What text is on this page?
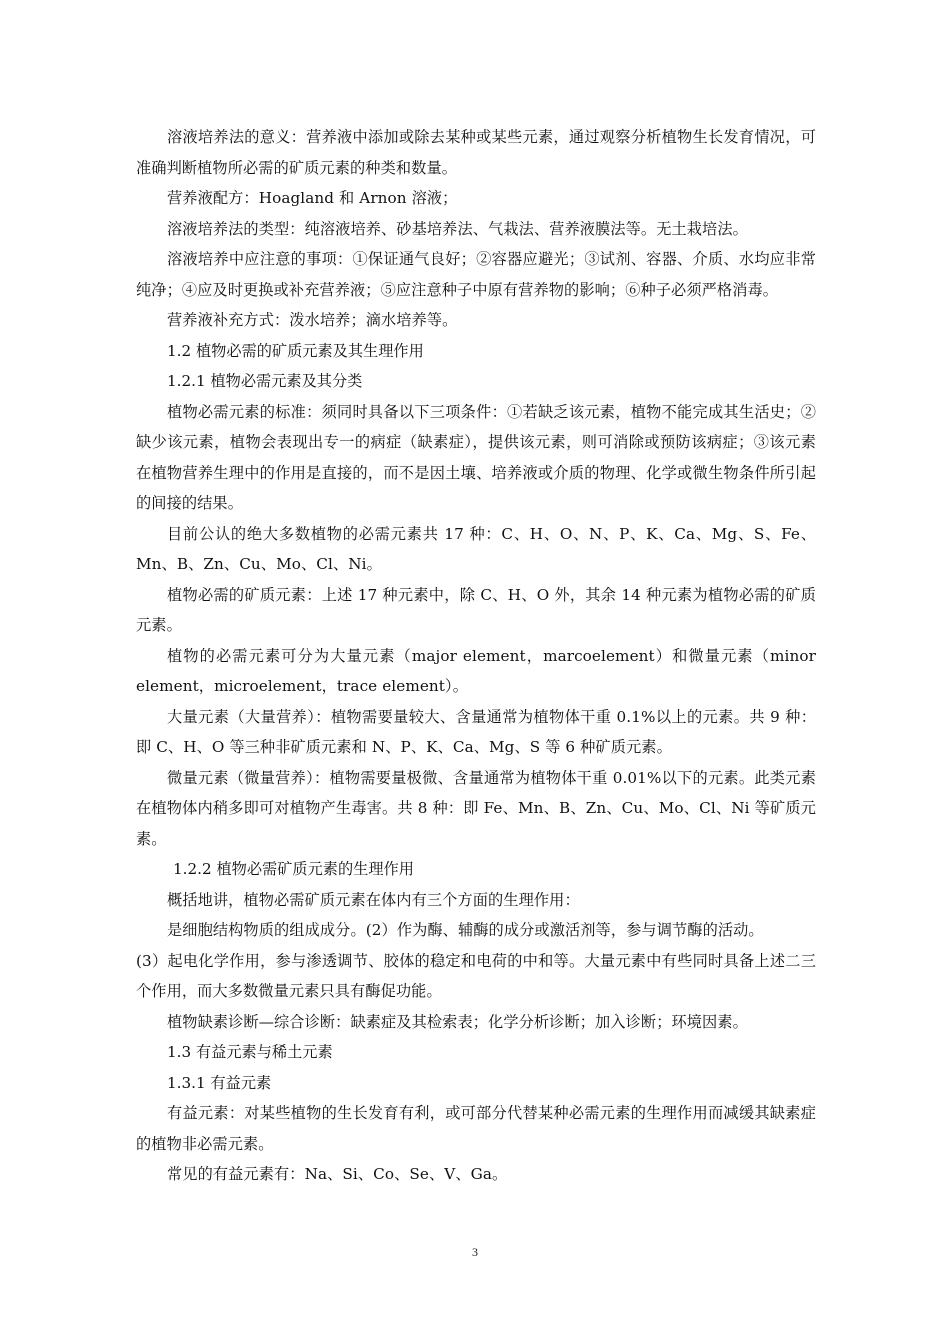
溶液培养法的意义：营养液中添加或除去某种或某些元素，通过观察分析植物生长发育情况，可准确判断植物所必需的矿质元素的种类和数量。

营养液配方：Hoagland 和 Arnon 溶液；

溶液培养法的类型：纯溶液培养、砂基培养法、气栽法、营养液膜法等。无土栽培法。

溶液培养中应注意的事项：①保证通气良好；②容器应避光；③试剂、容器、介质、水均应非常纯净；④应及时更换或补充营养液；⑤应注意种子中原有营养物的影响；⑥种子必须严格消毒。

营养液补充方式：泼水培养；滴水培养等。

1.2 植物必需的矿质元素及其生理作用

1.2.1 植物必需元素及其分类

植物必需元素的标准：须同时具备以下三项条件：①若缺乏该元素，植物不能完成其生活史；②缺少该元素，植物会表现出专一的病症（缺素症），提供该元素，则可消除或预防该病症；③该元素在植物营养生理中的作用是直接的，而不是因土壤、培养液或介质的物理、化学或微生物条件所引起的间接的结果。

目前公认的绝大多数植物的必需元素共 17 种：C、H、O、N、P、K、Ca、Mg、S、Fe、Mn、B、Zn、Cu、Mo、Cl、Ni。

植物必需的矿质元素：上述 17 种元素中，除 C、H、O 外，其余 14 种元素为植物必需的矿质元素。

植物的必需元素可分为大量元素（major element，marcoelement）和微量元素（minor element，microelement，trace element）。

大量元素（大量营养）：植物需要量较大、含量通常为植物体干重 0.1%以上的元素。共 9 种：即 C、H、O 等三种非矿质元素和 N、P、K、Ca、Mg、S 等 6 种矿质元素。

微量元素（微量营养）：植物需要量极微、含量通常为植物体干重 0.01%以下的元素。此类元素在植物体内稍多即可对植物产生毒害。共 8 种：即 Fe、Mn、B、Zn、Cu、Mo、Cl、Ni 等矿质元素。

1.2.2 植物必需矿质元素的生理作用

概括地讲，植物必需矿质元素在体内有三个方面的生理作用：

是细胞结构物质的组成成分。(2）作为酶、辅酶的成分或激活剂等，参与调节酶的活动。

(3）起电化学作用，参与渗透调节、胶体的稳定和电荷的中和等。大量元素中有些同时具备上述二三个作用，而大多数微量元素只具有酶促功能。

植物缺素诊断—综合诊断：缺素症及其检索表；化学分析诊断；加入诊断；环境因素。

1.3 有益元素与稀土元素

1.3.1 有益元素

有益元素：对某些植物的生长发育有利，或可部分代替某种必需元素的生理作用而减缓其缺素症的植物非必需元素。

常见的有益元素有：Na、Si、Co、Se、V、Ga。

3
